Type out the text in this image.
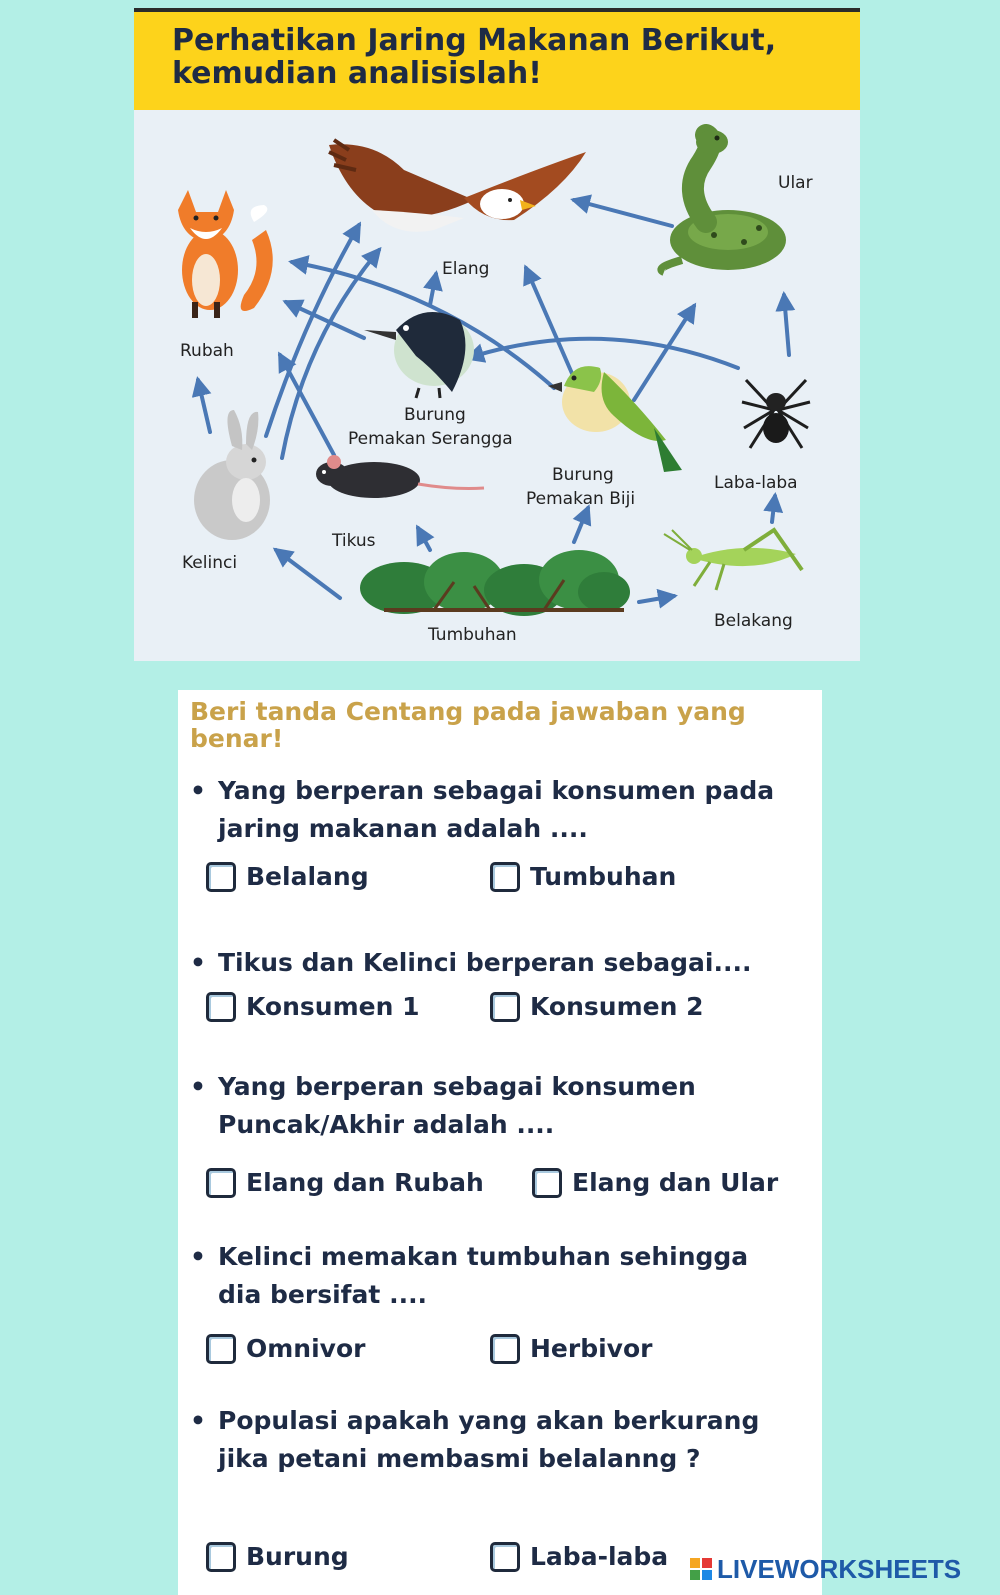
Perhatikan Jaring Makanan Berikut,
kemudian analisislah!
Ular
Elang
Rubah
Burung
Pemakan Serangga
Burung
Pemakan Biji
Laba-laba
Tikus
Kelinci
Belakang
Tumbuhan

Beri tanda Centang pada jawaban yang benar!

• Yang berperan sebagai konsumen pada jaring makanan adalah ....

Belalang	Tumbuhan
• Tikus dan Kelinci berperan sebagai....

Konsumen 1	Konsumen 2
• Yang berperan sebagai konsumen Puncak/Akhir adalah ....

Elang dan Rubah	Elang dan Ular
• Kelinci memakan tumbuhan sehingga dia bersifat ....

Omnivor	Herbivor
• Populasi apakah yang akan berkurang jika petani membasmi belalanng ?

Burung	Laba-laba LIVEWORKSHEETS
